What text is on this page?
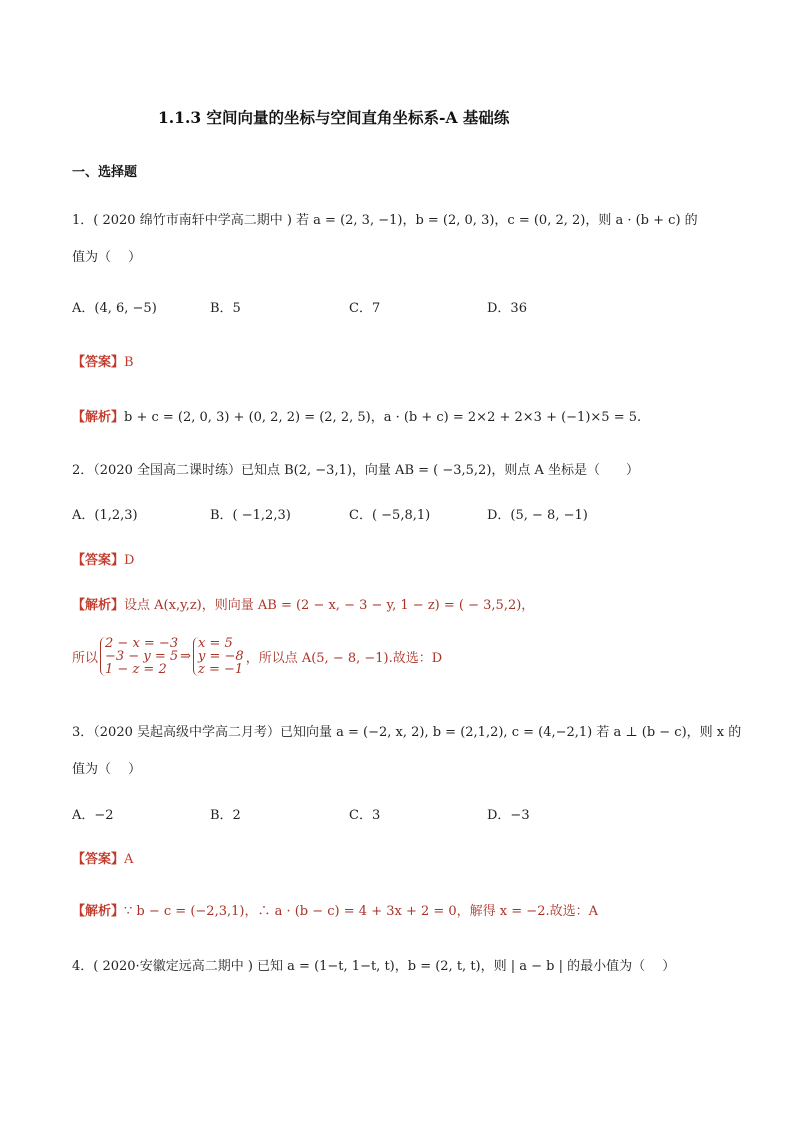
1.1.3 空间向量的坐标与空间直角坐标系-A 基础练
一、选择题
1．( 2020 绵竹市南轩中学高二期中 ) 若 a = (2, 3, −1)，b = (2, 0, 3)，c = (0, 2, 2)，则 a · (b + c) 的
值为（　 ）
A．(4, 6, −5)	B．5	C．7	D．36
【答案】B
【解析】b + c = (2, 0, 3) + (0, 2, 2) = (2, 2, 5)，a · (b + c) = 2×2 + 2×3 + (−1)×5 = 5.
2．（2020 全国高二课时练）已知点 B(2, −3,1)，向量 AB = ( −3,5,2)，则点 A 坐标是（　　）
A．(1,2,3)	B．( −1,2,3)	C．( −5,8,1)	D．(5, − 8, −1)
【答案】D
【解析】设点 A(x,y,z)，则向量 AB = (2 − x, − 3 − y, 1 − z) = ( − 3,5,2)，
所以
2 − x = −3
−3 − y = 5
1 − z = 2
⇒
x = 5
y = −8
z = −1
，所以点 A(5, − 8, −1).故选：D
3．（2020 吴起高级中学高二月考）已知向量 a = (−2, x, 2), b = (2,1,2), c = (4,−2,1) 若 a ⊥ (b − c)，则 x 的
值为（　 ）
A．−2	B．2	C．3	D．−3
【答案】A
【解析】∵ b − c = (−2,3,1)，∴ a · (b − c) = 4 + 3x + 2 = 0，解得 x = −2.故选：A
4．( 2020·安徽定远高二期中 ) 已知 a = (1−t, 1−t, t)，b = (2, t, t)，则 | a − b | 的最小值为（　 ）
